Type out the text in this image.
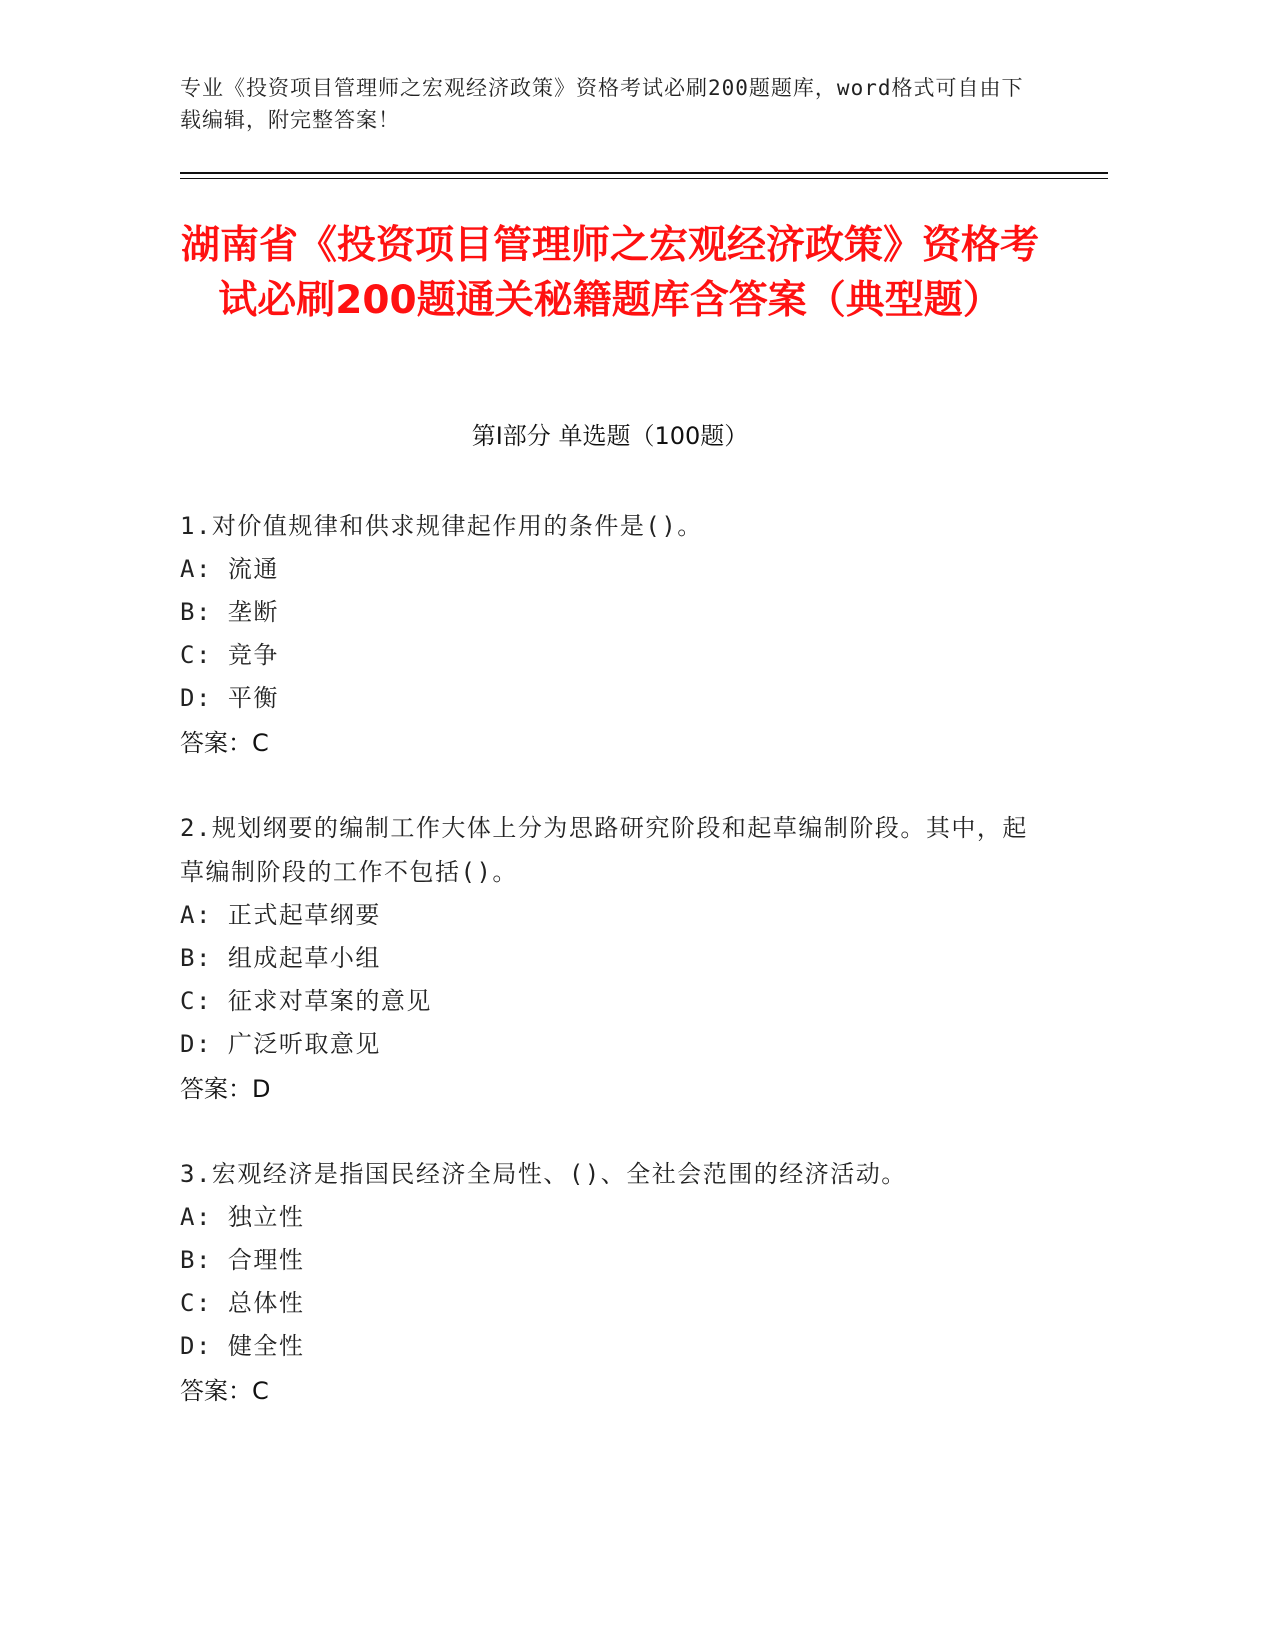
专业《投资项目管理师之宏观经济政策》资格考试必刷200题题库，word格式可自由下载编辑，附完整答案！
湖南省《投资项目管理师之宏观经济政策》资格考试必刷200题通关秘籍题库含答案（典型题）
第Ⅰ部分 单选题（100题）
1.对价值规律和供求规律起作用的条件是()。
A: 流通
B: 垄断
C: 竞争
D: 平衡
答案：C
2.规划纲要的编制工作大体上分为思路研究阶段和起草编制阶段。其中，起草编制阶段的工作不包括()。
A: 正式起草纲要
B: 组成起草小组
C: 征求对草案的意见
D: 广泛听取意见
答案：D
3.宏观经济是指国民经济全局性、()、全社会范围的经济活动。
A: 独立性
B: 合理性
C: 总体性
D: 健全性
答案：C
